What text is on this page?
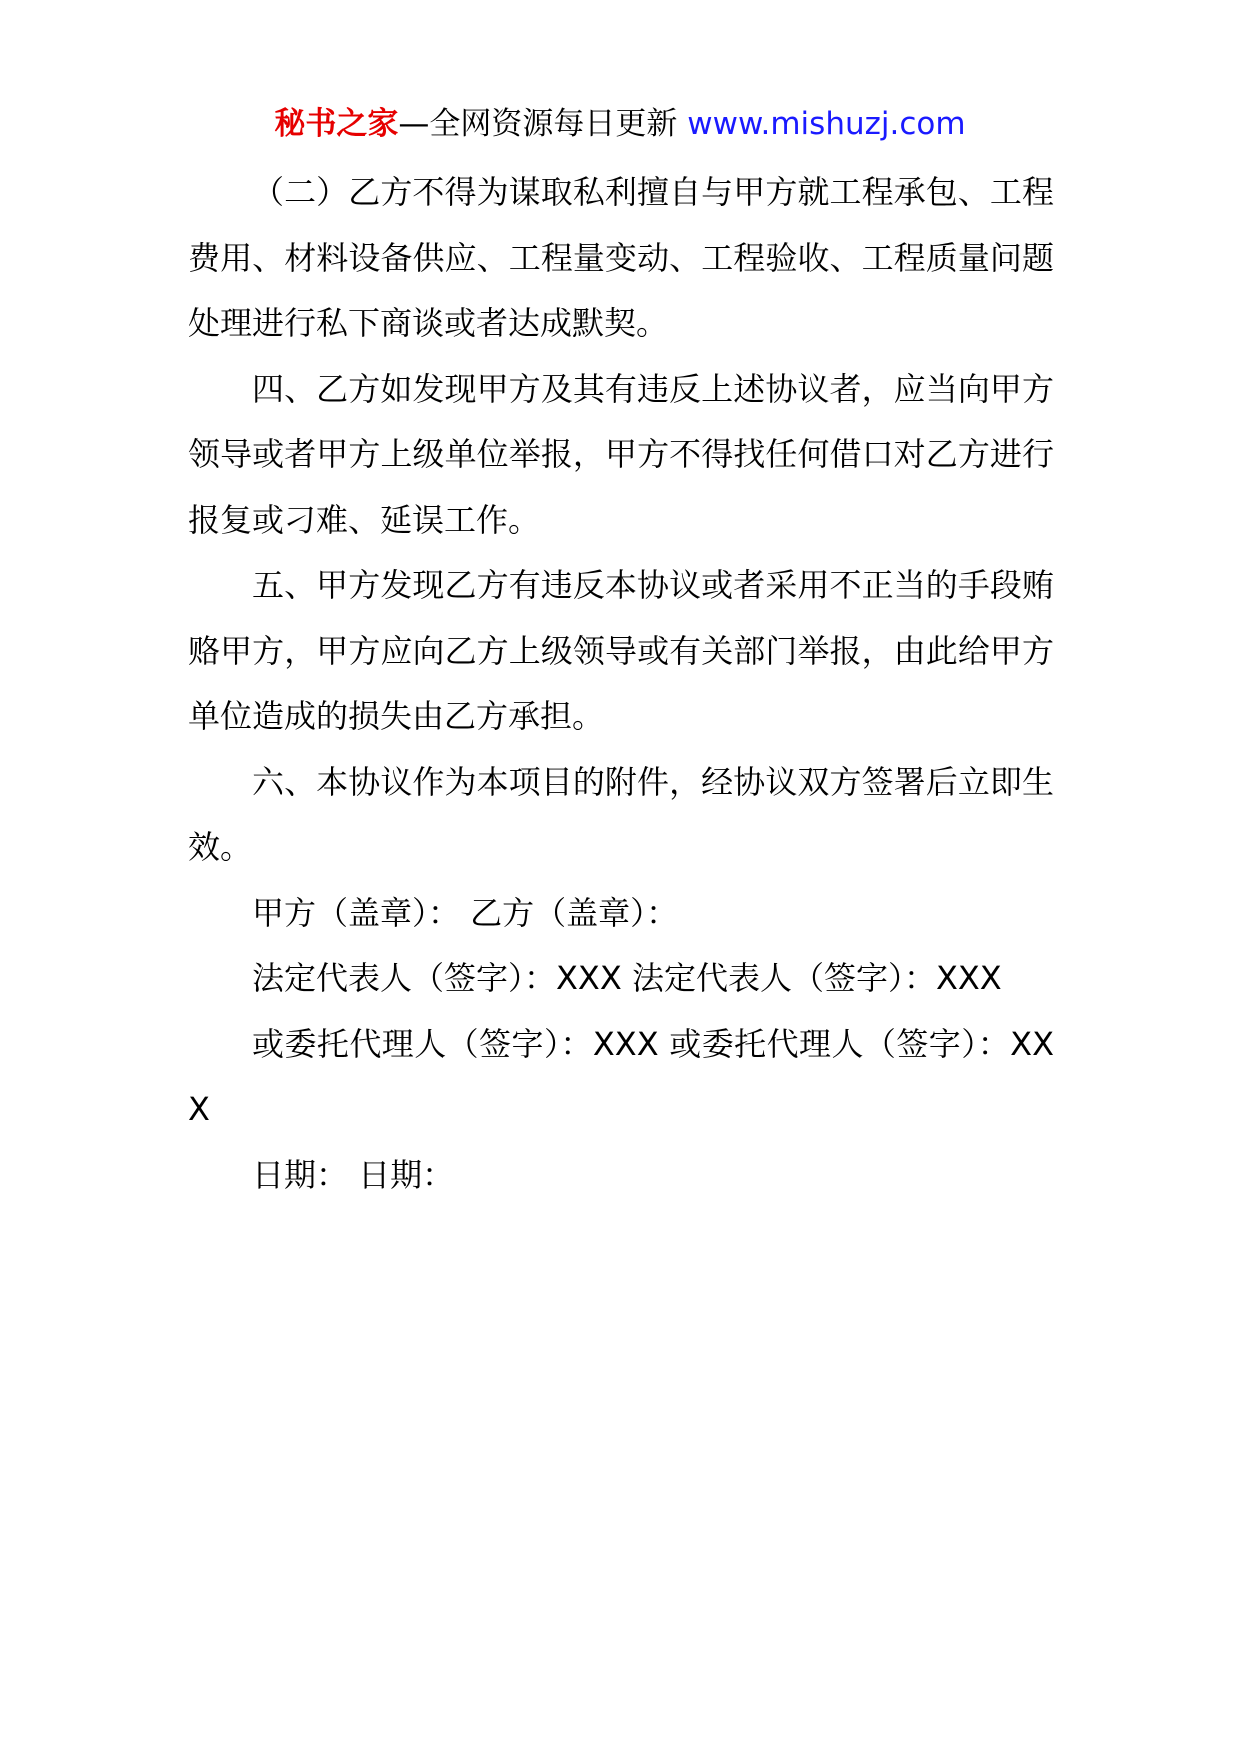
秘书之家—全网资源每日更新 www.mishuzj.com

（二）乙方不得为谋取私利擅自与甲方就工程承包、工程费用、材料设备供应、工程量变动、工程验收、工程质量问题处理进行私下商谈或者达成默契。

四、乙方如发现甲方及其有违反上述协议者，应当向甲方领导或者甲方上级单位举报，甲方不得找任何借口对乙方进行报复或刁难、延误工作。

五、甲方发现乙方有违反本协议或者采用不正当的手段贿赂甲方，甲方应向乙方上级领导或有关部门举报，由此给甲方单位造成的损失由乙方承担。

六、本协议作为本项目的附件，经协议双方签署后立即生效。

甲方（盖章）： 乙方（盖章）：

法定代表人（签字）：XXX 法定代表人（签字）：XXX

或委托代理人（签字）：XXX 或委托代理人（签字）：XXX

日期： 日期：
